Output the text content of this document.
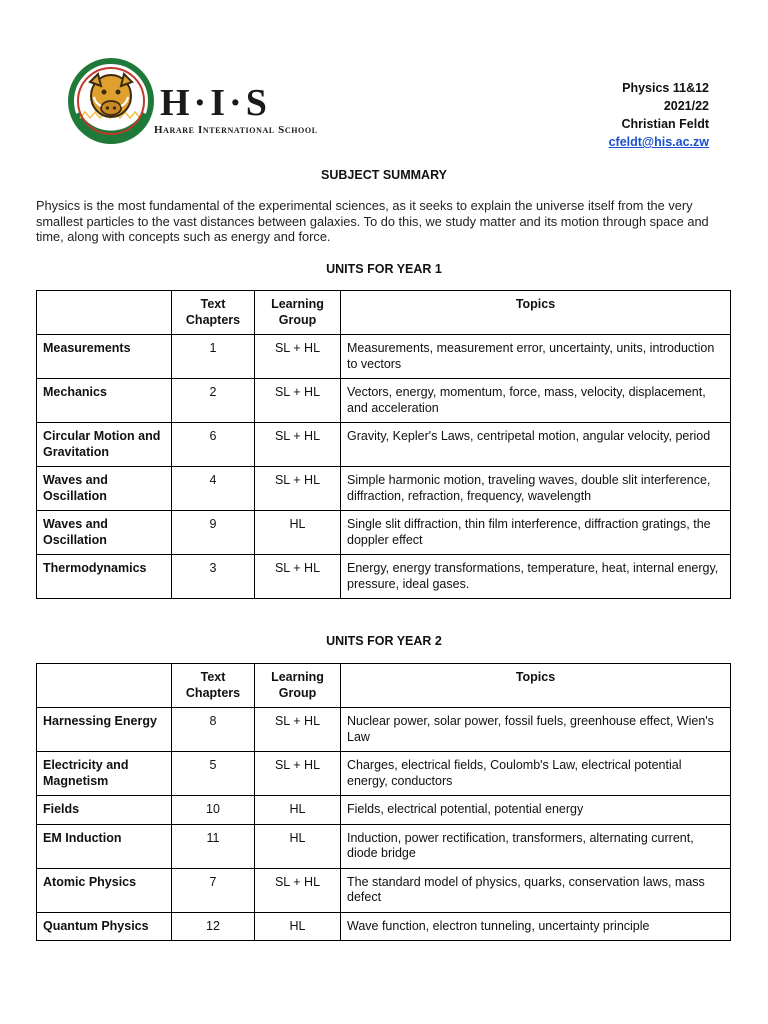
H·I·S
Harare International School
Physics 11&12
2021/22
Christian Feldt
cfeldt@his.ac.zw
SUBJECT SUMMARY
Physics is the most fundamental of the experimental sciences, as it seeks to explain the universe itself from the very smallest particles to the vast distances between galaxies. To do this, we study matter and its motion through space and time, along with concepts such as energy and force.
UNITS FOR YEAR 1
	Text Chapters	Learning Group	Topics
Measurements	1	SL + HL	Measurements, measurement error, uncertainty, units, introduction to vectors
Mechanics	2	SL + HL	Vectors, energy, momentum, force, mass, velocity, displacement, and acceleration
Circular Motion and Gravitation	6	SL + HL	Gravity, Kepler's Laws, centripetal motion, angular velocity, period
Waves and Oscillation	4	SL + HL	Simple harmonic motion, traveling waves, double slit interference, diffraction, refraction, frequency, wavelength
Waves and Oscillation	9	HL	Single slit diffraction, thin film interference, diffraction gratings, the doppler effect
Thermodynamics	3	SL + HL	Energy, energy transformations, temperature, heat, internal energy, pressure, ideal gases.
UNITS FOR YEAR 2
	Text Chapters	Learning Group	Topics
Harnessing Energy	8	SL + HL	Nuclear power, solar power, fossil fuels, greenhouse effect, Wien's Law
Electricity and Magnetism	5	SL + HL	Charges, electrical fields, Coulomb's Law, electrical potential energy, conductors
Fields	10	HL	Fields, electrical potential, potential energy
EM Induction	11	HL	Induction, power rectification, transformers, alternating current, diode bridge
Atomic Physics	7	SL + HL	The standard model of physics, quarks, conservation laws, mass defect
Quantum Physics	12	HL	Wave function, electron tunneling, uncertainty principle
